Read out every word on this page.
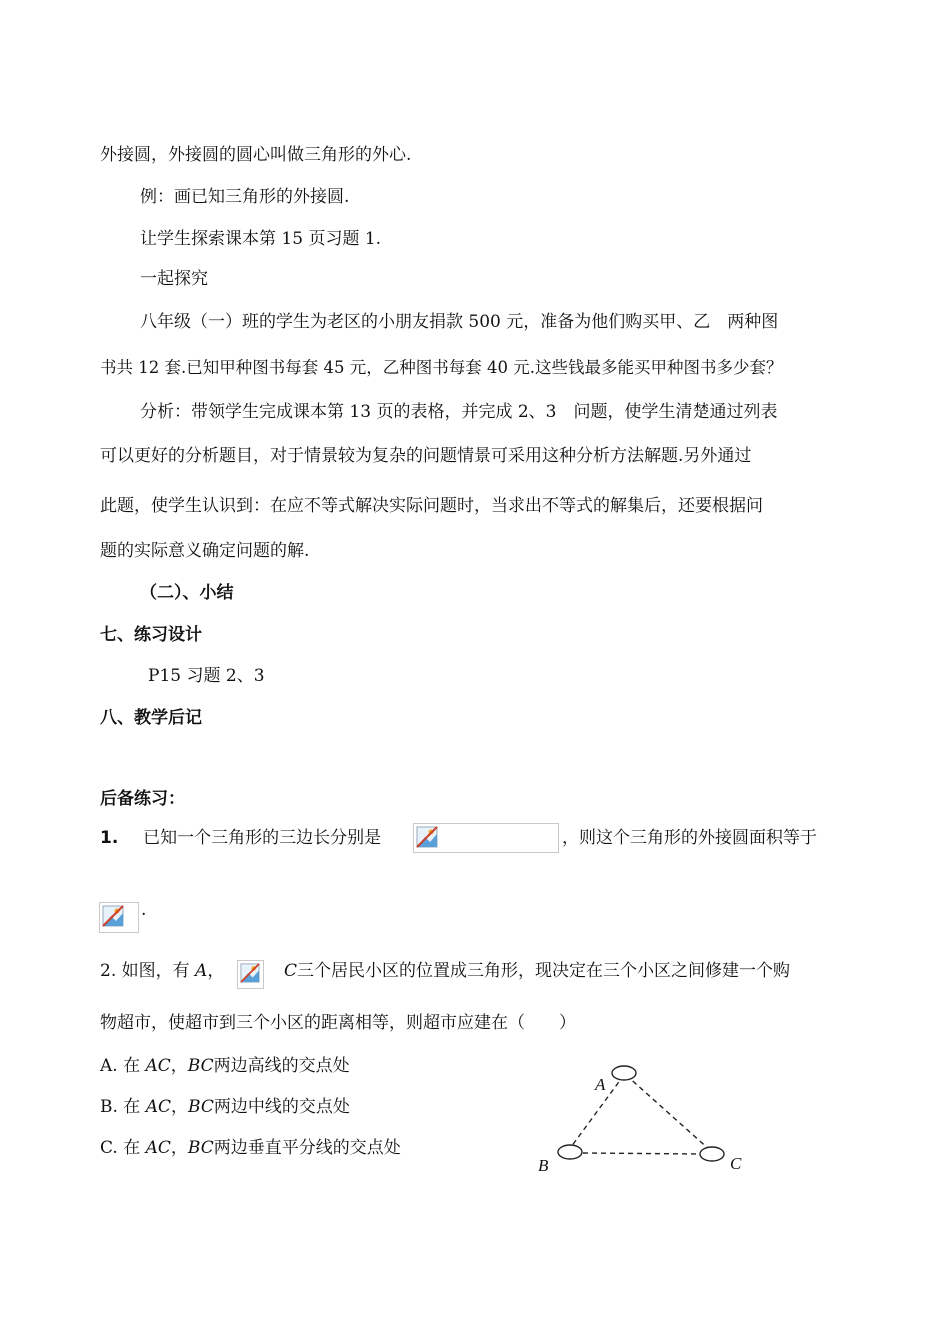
外接圆，外接圆的圆心叫做三角形的外心.
例：画已知三角形的外接圆.
让学生探索课本第 15 页习题 1.
一起探究
八年级（一）班的学生为老区的小朋友捐款 500 元，准备为他们购买甲、乙　两种图
书共 12 套.已知甲种图书每套 45 元，乙种图书每套 40 元.这些钱最多能买甲种图书多少套？
分析：带领学生完成课本第 13 页的表格，并完成 2、3　问题，使学生清楚通过列表
可以更好的分析题目，对于情景较为复杂的问题情景可采用这种分析方法解题.另外通过
此题，使学生认识到：在应不等式解决实际问题时，当求出不等式的解集后，还要根据问
题的实际意义确定问题的解.
（二）、小结
七、练习设计
P15 习题 2、3
八、教学后记
后备练习：
1. 已知一个三角形的三边长分别是	，则这个三角形的外接圆面积等于
.
2. 如图，有 A，	C三个居民小区的位置成三角形，现决定在三个小区之间修建一个购
物超市，使超市到三个小区的距离相等，则超市应建在（　　）
A. 在 AC，BC两边高线的交点处
B. 在 AC，BC两边中线的交点处
C. 在 AC，BC两边垂直平分线的交点处
A
B	C
